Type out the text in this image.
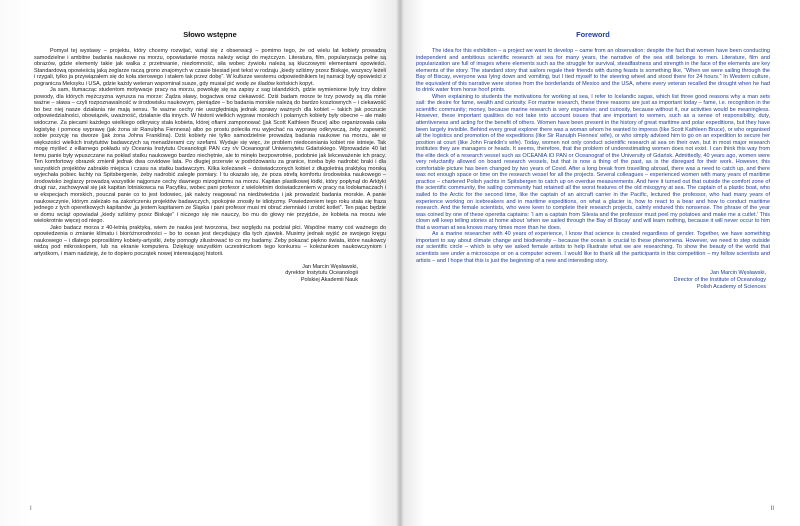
Słowo wstępne

Pomysł tej wystawy – projektu, który chcemy rozwijać, wziął się z obserwacji – pomimo tego, że od wielu lat kobiety prowadzą samodzielne i ambitne badania naukowe na morzu, opowiadanie morza należy wciąż do mężczyzn. Literatura, film, popularyzacja pełne są obrazów, gdzie elementy takie jak walka z przetrwanie, niezłomność, siła wobec żywiołu należą są kluczowymi elementami opowieści. Standardową opowieścią jaką żeglarze raczą grono znajomych w czasie biesiad jest tekst w rodzaju „kiedy szliśmy przez Biskaje, wszyscy leżeli i rzygali, tylko ja przywiązałem się do koła sterowego i stałem tak przez dobę”. W kulturze westernu odpowiednikiem tej narracji były opowieści z pogranicza Meksyku i USA, gdzie każdy weteran wspominał susze, gdy musiał pić wodę ze śladów końskich kopyt.

Ja sam, tłumacząc studentom motywacje pracy na morzu, powołuję się na zapisy z sag islandzkich, gdzie wymienione były trzy dobre powody, dla których mężczyzna wyrusza na morze: Żądza sławy, bogactwa oraz ciekawość. Dziś badam morze te trzy powody są dla mnie ważne – sława – czyli rozpoznawalność w środowisku naukowym, pieniądze – bo badania morskie należą do bardzo kosztownych – i ciekawość bo bez niej nasze działania nie mają sensu. Te ważne cechy nie uwzględniają jednak sprawy ważnych dla kobiet – takich jak poczucie odpowiedzialności, obowiązek, uważność, działanie dla innych. W historii wielkich wypraw morskich i polarnych kobiety były obecne – ale mało widoczne. Za piecami każdego wielkiego odkrywcy stała kobieta, której ofiarni zamponować (jak Scott Kathleen Bruce) albo organizowała cała logistykę i pomocę wyprawę (jak żona sir Ranulpha Fiennesa) albo po prostu poleciła mu wyjechać na wyprawę odkrywczą, żeby zapewnić sobie pozycję na dworze (jak żona Johna Franklina). Dziś kobiety nie tylko samodzielnie prowadzą badania naukowe na morzu, ale w większości wielkich instytutów badawczych są menadżerami czy szefami. Wydaje się więc, że problem niedoceniania kobiet nie istnieje. Tak mogę myśleć z eillarnego pokładu s/y Oceania Instytutu Oceanologii PAN czy r/v Oceanograf Uniwersytetu Gdańskiego. Wprowadzie 40 lat temu panie były wpuszczane na pokład statku naukowego bardzo niechętnie, ale to minęło bezpowrotnie, podobnie jak lekceważenie ich pracy. Ten komfortowy obrazek zmienił jednak dwa covidowe lata. Po długiej przerwie w podróżowaniu za granice, trzeba było nadrobić braki i dla wszystkich projektów zabrakło miejsca i czasu na statku badawczym. Kilka koleżanek – doświadczonych kobiet z długoletnią praktyką morską wyjechała pobiec łachty na Spitsbergenie, żeby nadrobić zaległe pomiary. I tu okazało się, że poza strefą komfortu środowiska naukowego – środowisko żeglarzy prowadzą wszystkie najgorsze cechy dawnego mizoginizmu na morzu. Kapitan plastikowej łódki, który popłynął do Arktyki drugi raz, zachowywał się jak kapitan lotniskowca na Pacyfiku, wobec pani profesor z wieloletnim doświadczeniem w pracy na lodołamaczach i w ekspecjach morskich, pouczał panie co to jest lodowiec, jak należy reagować na niedźwiedzia i jak prowadzić badania morskie. A panie naukowczynie, którym zależało na zakończeniu projektów badawczych, spokojnie znosiły te idiotyzmy. Powiedzeniem tego roku stała się fraza jednego z tych operetkowych kapitanów „ja jestem kapitanem ze Śląska i pani profesor musi mi obrać ziemniaki i zrobić kotlet”. Ten pajac będzie w domu wciąż opowiadał „kiedy szliśmy przez Biskaje” i niczego się nie nauczy, bo mu do głowy nie przyjdzie, że kobieta na morzu wie wielokrotnie więcej od niego.

Jako badacz morza z 40-letnią praktyką, wiem że nauka jest tworzona, bez względu na podział płci. Wspólne mamy coś ważnego do opowiedzenia o zmianie klimatu i bioróżnorodności – bo to ocean jest decydujący dla tych zjawisk. Musimy jednak wyjść ze swojego kręgu naukowego – i dlatego poprosiliśmy kobiety-artystki, żeby pomogły zilustrować to co my badamy. Żeby pokazać piękno świata, które naukowcy widzą pod mikroskopem, lub na ekranie komputera. Dziękuję wszystkim uczestniczkom tego konkursu – koleżankom naukowczyniom i artystkom, i mam nadzieję, że to dopiero początek nowej interesującej historii.

Jan Marcin Węsławski,
dyrektor Instytutu Oceanologii
Polskiej Akademii Nauk
I
Foreword

The idea for this exhibition – a project we want to develop – came from an observation: despite the fact that women have been conducting independent and ambitious scientific research at sea for many years, the narrative of the sea still belongs to men. Literature, film and popularization are full of images where elements such as the struggle for survival, steadfastness and strength in the face of the elements are key elements of the story. The standard story that sailors regale their friends with during feasts is something like, “When we were sailing through the Bay of Biscay, everyone was lying down and vomiting, but I tied myself to the steering wheel and stood there for 24 hours.” In Western culture, the equivalent of this narrative were stories from the borderlands of Mexico and the USA, where every veteran recalled the drought when he had to drink water from horse hoof prints.

When explaining to students the motivations for working at sea, I refer to Icelandic sagas, which list three good reasons why a man sets sail: the desire for fame, wealth and curiosity. For marine research, these three reasons are just as important today – fame, i.e. recognition in the scientific community; money, because marine research is very expensive; and curiosity, because without it, our activities would be meaningless. However, these important qualities do not take into account issues that are important to women, such as a sense of responsibility, duty, attentiveness and acting for the benefit of others. Women have been present in the history of great maritime and polar expeditions, but they have been largely invisible. Behind every great explorer there was a woman whom he wanted to impress (like Scott Kathleen Bruce), or who organised all the logistics and promotion of the expeditions (like Sir Ranulph Fiennes' wife), or who simply advised him to go on an expedition to secure her position at court (like John Franklin's wife). Today, women not only conduct scientific research at sea on their own, but in most major research institutes they are managers or heads. It seems, therefore, that the problem of underestimating women does not exist. I can think this way from the elite deck of a research vessel such as OCEANIA IO PAN or Oceanograf of the University of Gdańsk. Admittedly, 40 years ago, women were very reluctantly allowed on board research vessels, but that is now a thing of the past, as is the disregard for their work. However, this comfortable picture has been changed by two years of Covid. After a long break from travelling abroad, there was a need to catch up, and there was not enough space or time on the research vessel for all the projects. Several colleagues – experienced women with many years of maritime practice – chartered Polish yachts in Spitsbergen to catch up on overdue measurements. And here it turned out that outside the comfort zone of the scientific community, the sailing community had retained all the worst features of the old misogyny at sea. The captain of a plastic boat, who sailed to the Arctic for the second time, like the captain of an aircraft carrier in the Pacific, lectured the professor, who had many years of experience working on icebreakers and in maritime expeditions, on what a glacier is, how to react to a bear and how to conduct maritime research. And the female scientists, who were keen to complete their research projects, calmly endured this nonsense. The phrase of the year was coined by one of these operetta captains: ‘I am a captain from Silesia and the professor must peel my potatoes and make me a cutlet.’ This clown will keep telling stories at home about ‘when we sailed through the Bay of Biscay’ and will learn nothing, because it will never occur to him that a woman at sea knows many times more than he does.

As a marine researcher with 40 years of experience, I know that science is created regardless of gender. Together, we have something important to say about climate change and biodiversity – because the ocean is crucial to these phenomena. However, we need to step outside our scientific circle – which is why we asked female artists to help illustrate what we are researching. To show the beauty of the world that scientists see under a microscope or on a computer screen. I would like to thank all the participants in this competition – my fellow scientists and artists – and I hope that this is just the beginning of a new and interesting story.

Jan Marcin Węsławski,
Director of the Institute of Oceanology
Polish Academy of Sciences
II
